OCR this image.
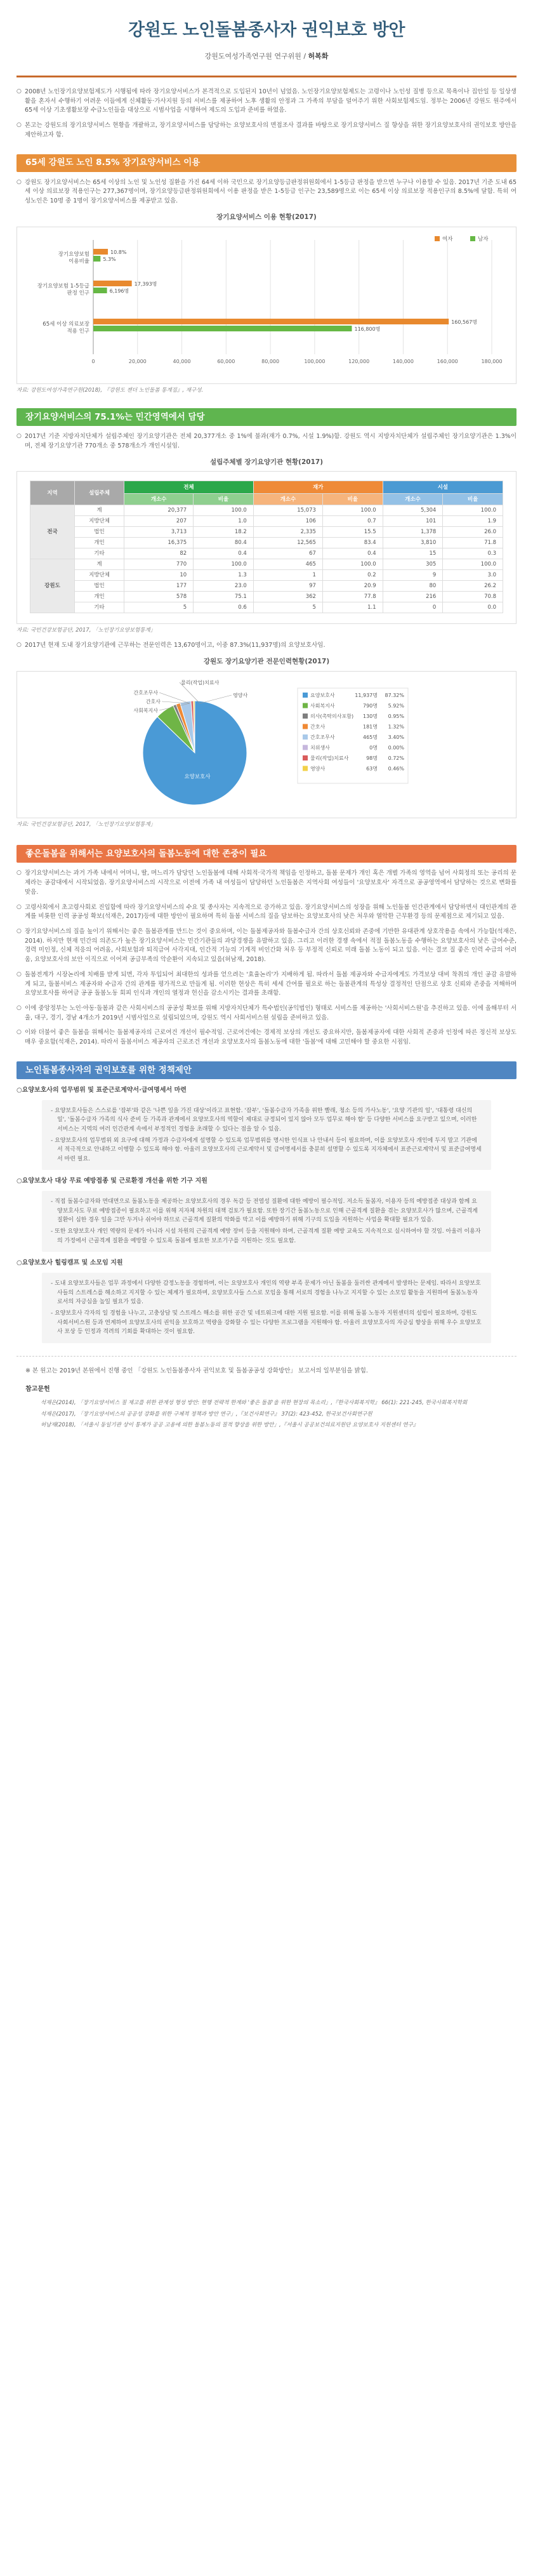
강원도 노인돌봄종사자 권익보호 방안
강원도여성가족연구원 연구위원 / 허복화

○ 2008년 노인장기요양보험제도가 시행됨에 따라 장기요양서비스가 본격적으로 도입된지 10년이 넘었음. 노인장기요양보험제도는 고령이나 노인성 질병 등으로 목욕이나 집안일 등 일상생활을 혼자서 수행하기 어려운 이들에게 신체활동·가사지원 등의 서비스를 제공하여 노후 생활의 안정과 그 가족의 부담을 덜어주기 위한 사회보험제도임. 정부는 2006년 강원도 원주에서 65세 이상 기초생활보장 수급노인들을 대상으로 시범사업을 시행하여 제도의 도입과 준비를 하였음.

○ 본고는 강원도의 장기요양서비스 현황을 개괄하고, 장기요양서비스를 담당하는 요양보호사의 면접조사 결과를 바탕으로 장기요양서비스 질 향상을 위한 장기요양보호사의 권익보호 방안을 제안하고자 함.

65세 강원도 노인 8.5% 장기요양서비스 이용

○ 강원도 장기요양서비스는 65세 이상의 노인 및 노인성 질환을 가진 64세 이하 국민으로 장기요양등급판정위원회에서 1-5등급 판정을 받으면 누구나 이용할 수 있음. 2017년 기준 도내 65세 이상 의료보장 적용인구는 277,367명이며, 장기요양등급판정위원회에서 이용 판정을 받은 1-5등급 인구는 23,589명으로 이는 65세 이상 의료보장 적용인구의 8.5%에 달함. 특히 여성노인은 10명 중 1명이 장기요양서비스를 제공받고 있음.

장기요양서비스 이용 현황(2017)
0	20,000	40,000	60,000	80,000	100,000	120,000	140,000	160,000	180,000
여자	남자
장기요양보험 이용비율
10.8%
5.3%
장기요양보험 1-5등급 판정 인구
17,393명
6,196명
65세 이상 의료보장 적용 인구
160,567명
116,800명
자료: 강원도여성가족연구원(2018), 『강원도 젠더 노인돌봄 통계집』, 재구성.
장기요양서비스의 75.1%는 민간영역에서 담당

○ 2017년 기준 지방자치단체가 설립주체인 장기요양기관은 전체 20,377개소 중 1%에 불과(재가 0.7%, 시설 1.9%)함. 강원도 역시 지방자치단체가 설립주체인 장기요양기관은 1.3%이며, 전체 장기요양기관 770개소 중 578개소가 개인시설임.

설립주체별 장기요양기관 현황(2017)
지역	설립주체	전체		재가		시설	
		개소수	비율	개소수	비율	개소수	비율
전국	계	20,377	100.0	15,073	100.0	5,304	100.0
	지방단체	207	1.0	106	0.7	101	1.9
	법인	3,713	18.2	2,335	15.5	1,378	26.0
	개인	16,375	80.4	12,565	83.4	3,810	71.8
	기타	82	0.4	67	0.4	15	0.3
강원도	계	770	100.0	465	100.0	305	100.0
	지방단체	10	1.3	1	0.2	9	3.0
	법인	177	23.0	97	20.9	80	26.2
	개인	578	75.1	362	77.8	216	70.8
	기타	5	0.6	5	1.1	0	0.0
자료: 국민건강보험공단, 2017, 「노인장기요양보험통계」

○ 2017년 현재 도내 장기요양기관에 근무하는 전문인력은 13,670명이고, 이중 87.3%(11,937명)의 요양보호사임.

강원도 장기요양기관 전문인력현황(2017)
물리(작업)치료사
간호조무사
간호사
사회복지사
영양사
요양보호사
요양보호사	11,937명 87.32%
사회복지사	790명 5.92%
의사(촉탁의사포함) 130명 0.95%
간호사	181명 1.32%
간호조무사	465명 3.40%
치위생사	0명 0.00%
물리(작업)치료사	98명 0.72%
영양사	63명 0.46%
자료: 국민건강보험공단, 2017, 「노인장기요양보험통계」
좋은돌봄을 위해서는 요양보호사의 돌봄노동에 대한 존중이 필요

○ 장기요양서비스는 과거 가족 내에서 어머니, 딸, 며느리가 담당던 노인돌봄에 대해 사회적·국가적 책임을 인정하고, 돌봄 문제가 개인 혹은 개별 가족의 영역을 넘어 사회정의 또는 공리의 문제라는 공감대에서 시작되었음. 장기요양서비스의 시작으로 이전에 가족 내 여성들이 담당하던 노인돌봄은 지역사회 여성들이 '요양보호사' 자격으로 공공영역에서 담당하는 것으로 변화를 맞음.

○ 고령사회에서 초고령사회로 진입함에 따라 장기요양서비스의 수요 및 종사자는 지속적으로 증가하고 있음. 장기요양서비스의 성장을 위해 노인돌봄 인간관계에서 담당하면서 대인관계의 관계를 비롯한 인력 공공성 확보(석재은, 2017)등에 대한 방안이 필요하며 특히 돌봄 서비스의 질을 담보하는 요양보호사의 낮은 처우와 열악한 근무환경 등의 문제점으로 제기되고 있음.

○ 장기요양서비스의 질을 높이기 위해서는 좋은 돌봄관계를 만드는 것이 중요하며, 이는 돌봄제공자와 돌봄수급자 간의 상호신뢰와 존중에 기반한 유대관계 상호작용을 속에서 가능함(석재은, 2014). 하지만 현재 민간의 의존도가 높은 장기요양서비스는 민간기관들의 과당경쟁을 유발하고 있음. 그리고 이러한 경쟁 속에서 적절 돌봄노동을 수행하는 요양보호사의 낮은 급여수준, 경력 미인정, 신체 적응의 어려움, 사회보험과 퇴직급여 사각지대, 인간적 기능의 기계적 비인간화 처우 등 부정적 신뢰로 미래 돌봄 노동이 되고 있음. 이는 결코 질 좋은 인력 수급의 어려움, 요양보호사의 보안 이직으로 이어져 공급부족의 악순환이 지속되고 있음(허남재, 2018).

○ 돌봄전계가 시장논리에 치배를 받게 되면, 각자 투입되어 최대한의 성과를 얻으려는 '효율논리'가 지배하게 됨. 따라서 돌봄 제공자와 수급자에게도 가격보상 대비 착취의 개인 공감 유발하게 되고, 돌봄서비스 제공자와 수급자 간의 관계를 평가적으로 만들게 됨. 이러한 현상은 특히 세세 간여를 필요로 하는 돌봄관계의 특성상 결정적인 단점으로 상호 신뢰와 존중을 저해하며 요양보호사를 하여금 공공 돌봄노동 회피 인식과 개인의 열정과 헌신을 감소시키는 결과를 초래함.

○ 이에 중앙정부는 노인·아동·돌봄과 같은 사회서비스의 공공성 확보를 위해 지방자치단체가 특수법인(공익법인) 형태로 서비스를 제공하는 '사회서비스원'을 추진하고 있음. 이에 올해부터 서울, 대구, 경기, 경남 4개소가 2019년 시범사업으로 설립되었으며, 강원도 역시 사회서비스원 설립을 준비하고 있음.

○ 이와 더불어 좋은 돌봄을 위해서는 돌봄제공자의 근로여건 개선이 필수적임. 근로여건에는 경제적 보상의 개선도 중요하지만, 돌봄제공자에 대한 사회적 존중과 인정에 따른 정신적 보상도 매우 중요함(석재은, 2014). 따라서 돌봄서비스 제공자의 근로조건 개선과 요양보호사의 돌봄노동에 대한 '돌봄'에 대해 고민해야 할 중요한 시점임.

노인돌봄종사자의 권익보호를 위한 정책제안
○ 요양보호사의 업무범위 및 표준근로계약서·급여명세서 마련
- 요양보호사들은 스스로를 '잡부'와 같은 '나쁜 일을 가진 대상'이라고 표현함. '잡부', '돌봄수급자 가족을 위한 빨래, 청소 등의 가사노동', '요양 기관의 일', '대통령 대신의 일', '돌봄수급자 가족의 식사 준비 등 가족과 관계에서 요양보호사의 역할이 제대로 규정되어 있지 않아 모두 업무로 해야 함' 등 다양한 서비스를 요구받고 있으며, 이러한 서비스는 지역의 여러 인간관계 속에서 부정적인 경험을 초래할 수 있다는 점을 알 수 있음.
- 요양보호사의 업무범위 외 요구에 대해 가정과 수급자에게 설명할 수 있도록 업무범위를 명시한 인식표 나 안내서 등이 필요하며, 이를 요양보호사 개인에 두지 말고 기관에서 적극적으로 안내하고 이행할 수 있도록 해야 함. 아울러 요양보호사의 근로계약서 및 급여명세서를 충분히 설명할 수 있도록 지자체에서 표준근로계약서 및 표준급여명세서 마련 필요.
○ 요양보호사 대상 무료 예방접종 및 근로환경 개선을 위한 기구 지원
- 직접 돌봄수급자와 면대면으로 돌봄노동을 제공하는 요양보호사의 경우 독감 등 전염성 질환에 대한 예방이 필수적임. 저소득 돌봄자, 이용자 등의 예방접종 대상과 함께 요양보호사도 무료 예방접종이 필요하고 이를 위해 지자체 차원의 대책 검토가 필요함. 또한 장기간 돌봄노동으로 인해 근골격계 질환을 겪는 요양보호사가 많으며, 근골격계 질환이 심한 경우 일을 그만 두거나 쉬어야 하므로 근골격계 질환의 악화를 막고 이를 예방하기 위해 기구의 도입을 지원하는 사업을 확대할 필요가 있음.
- 또한 요양보호사 개인 역량의 문제가 아니라 시설 차원의 근골격계 예방 장비 등을 지원해야 하며, 근골격계 질환 예방 교육도 지속적으로 실시하여야 할 것임. 아울러 이용자의 가정에서 근골격계 질환을 예방할 수 있도록 돌봄에 필요한 보조기구를 지원하는 것도 필요함.
○ 요양보호사 힐링캠프 및 소모임 지원
- 도내 요양보호사들은 업무 과정에서 다양한 감정노동을 경험하며, 이는 요양보호사 개인의 역량 부족 문제가 아닌 돌봄을 둘러싼 관계에서 발생하는 문제임. 따라서 요양보호사들의 스트레스를 해소하고 지지할 수 있는 체계가 필요하며, 요양보호사들 스스로 모임을 통해 서로의 경험을 나누고 지지할 수 있는 소모임 활동을 지원하여 돌봄노동자로서의 자긍심을 높일 필요가 있음.
- 요양보호사 각자의 일 경험을 나누고, 고충상담 및 스트레스 해소를 위한 공간 및 네트워크에 대한 지원 필요함. 이를 위해 돌봄 노동자 지원센터의 설립이 필요하며, 강원도 사회서비스원 등과 연계하여 요양보호사의 권익을 보호하고 역량을 강화할 수 있는 다양한 프로그램을 지원해야 함. 아울러 요양보호사의 자긍심 향상을 위해 우수 요양보호사 포상 등 인정과 격려의 기회를 확대하는 것이 필요함.

※ 본 원고는 2019년 본원에서 진행 중인 「강원도 노인돌봄종사자 권익보호 및 돌봄공공성 강화방안」 보고서의 일부분임을 밝힘.

참고문헌
석재은(2014), 「장기요양서비스 질 제고를 위한 관계성 형성 방안: 현행 전략적 한계와 '좋은 돌봄'을 위한 현장의 목소리」,『한국사회복지학』 66(1): 221-245, 한국사회복지학회
석재은(2017), 「장기요양서비스의 공공성 강화를 위한 구체적 정책과 방안 연구」,『보건사회연구』 37(2): 423-452, 한국보건사회연구원
허남재(2018), 「서울시 동일기관 상이 통계가 공공 고용에 의한 돌봄노동의 질적 향상을 위한 방안」,『서울시 공공보건의료지원단 요양보호사 지원센터 연구』
